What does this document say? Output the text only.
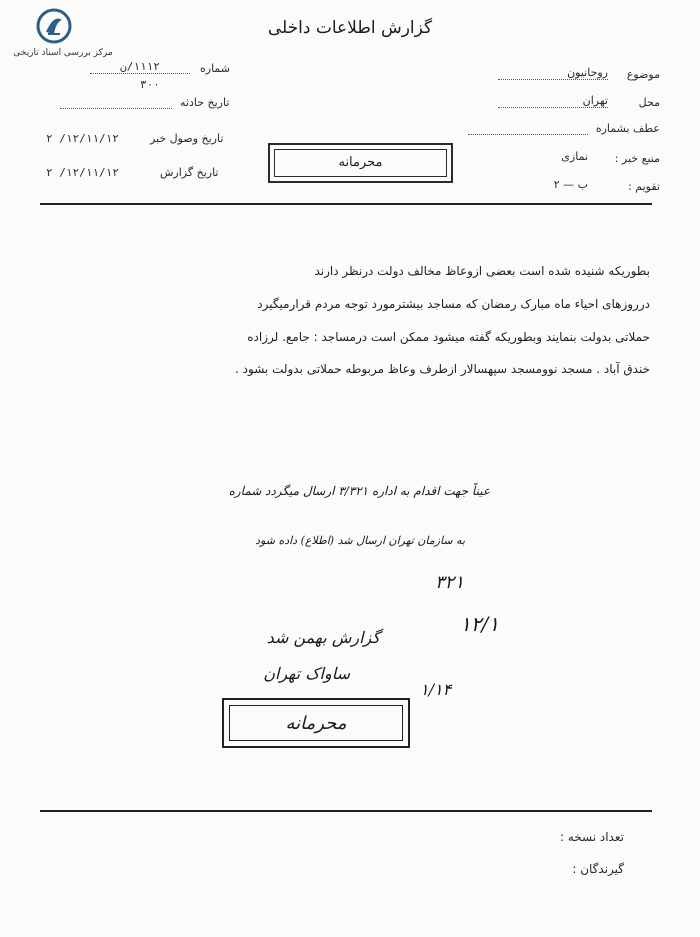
مرکز بررسی اسناد تاریخی
گزارش اطلاعات داخلی
موضوع
روحانیون
محل
تهران
عطف بشماره
منبع خبر :
نمازی
تقویم :
ب — ۲
شماره
۱۱۱۲/ن
۳۰۰
تاریخ حادثه
تاریخ وصول خبر
۱۲/۱۱/۱۲/ ۲
تاریخ گزارش
۱۲/۱۱/۱۲/ ۲
محرمانه
بطوریکه شنیده شده است بعضی ازوعاظ مخالف دولت درنظر دارند
درروزهای احیاء ماه مبارک رمضان که مساجد بیشترمورد توجه مردم قرارمیگیرد
حملاتی بدولت بنمایند وبطوریکه گفته میشود ممکن است درمساجد : جامع. لرزاده
خندق آباد . مسجد نوومسجد سپهسالار ازطرف وعاظ مربوطه حملاتی بدولت بشود .
عیناً جهت اقدام به اداره ۳/۳۲۱ ارسال میگردد شماره
به سازمان تهران ارسال شد (اطلاع) داده شود
۳۲۱
۱۲/۱
گزارش بهمن شد
ساواک تهران
۱/۱۴
محرمانه
تعداد نسخه :
گیرندگان :
